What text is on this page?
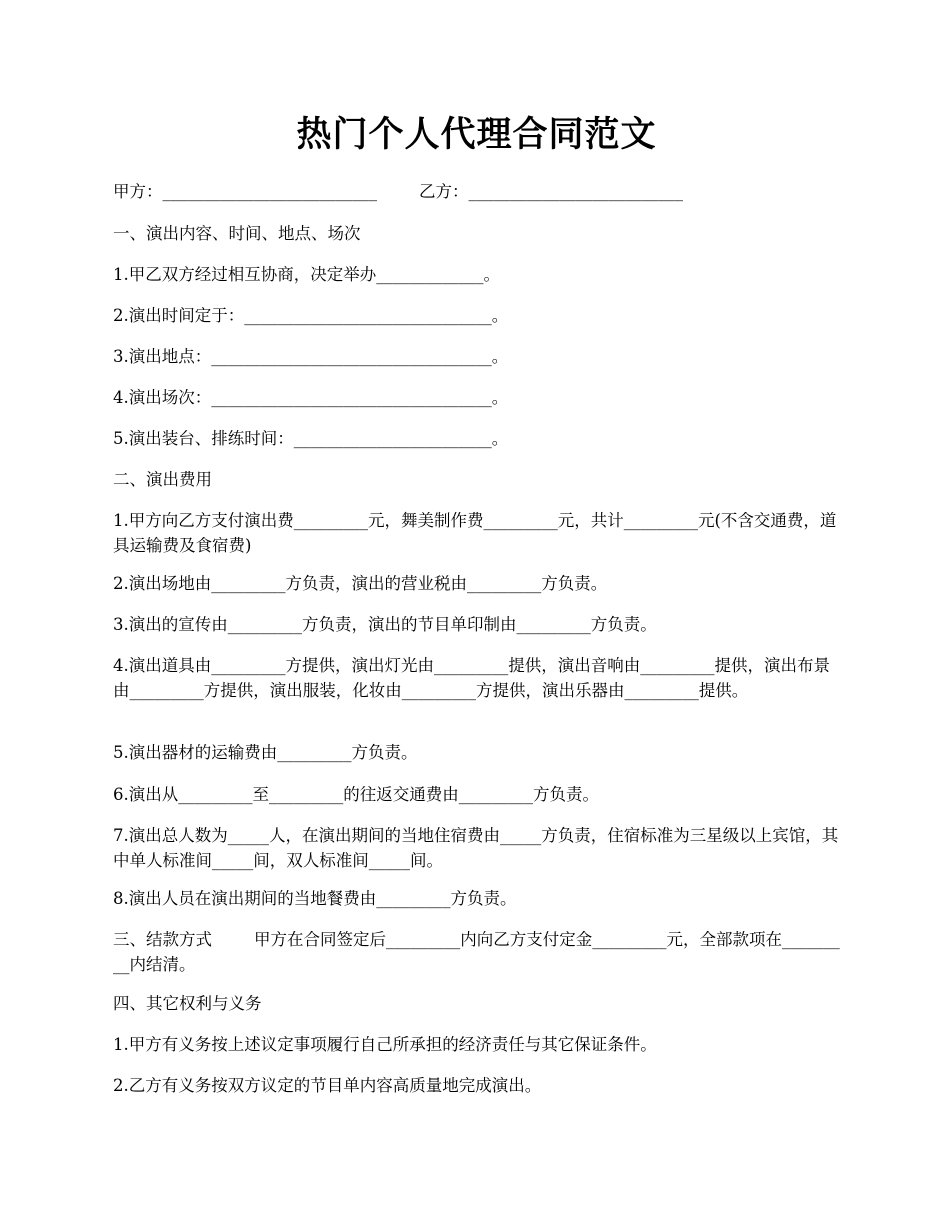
热门个人代理合同范文
甲方：__________________________        乙方：__________________________
一、演出内容、时间、地点、场次
1.甲乙双方经过相互协商，决定举办_____________。
2.演出时间定于：______________________________。
3.演出地点：__________________________________。
4.演出场次：__________________________________。
5.演出装台、排练时间：________________________。
二、演出费用
1.甲方向乙方支付演出费_________元，舞美制作费_________元，共计_________元(不含交通费，道具运输费及食宿费)
2.演出场地由_________方负责，演出的营业税由_________方负责。
3.演出的宣传由_________方负责，演出的节目单印制由_________方负责。
4.演出道具由_________方提供，演出灯光由_________提供，演出音响由_________提供，演出布景由_________方提供，演出服装，化妆由_________方提供，演出乐器由_________提供。
5.演出器材的运输费由_________方负责。
6.演出从_________至_________的往返交通费由_________方负责。
7.演出总人数为_____人，在演出期间的当地住宿费由_____方负责，住宿标准为三星级以上宾馆，其中单人标准间_____间，双人标准间_____间。
8.演出人员在演出期间的当地餐费由_________方负责。
三、结款方式        甲方在合同签定后_________内向乙方支付定金_________元，全部款项在_________内结清。
四、其它权利与义务
1.甲方有义务按上述议定事项履行自己所承担的经济责任与其它保证条件。
2.乙方有义务按双方议定的节目单内容高质量地完成演出。
